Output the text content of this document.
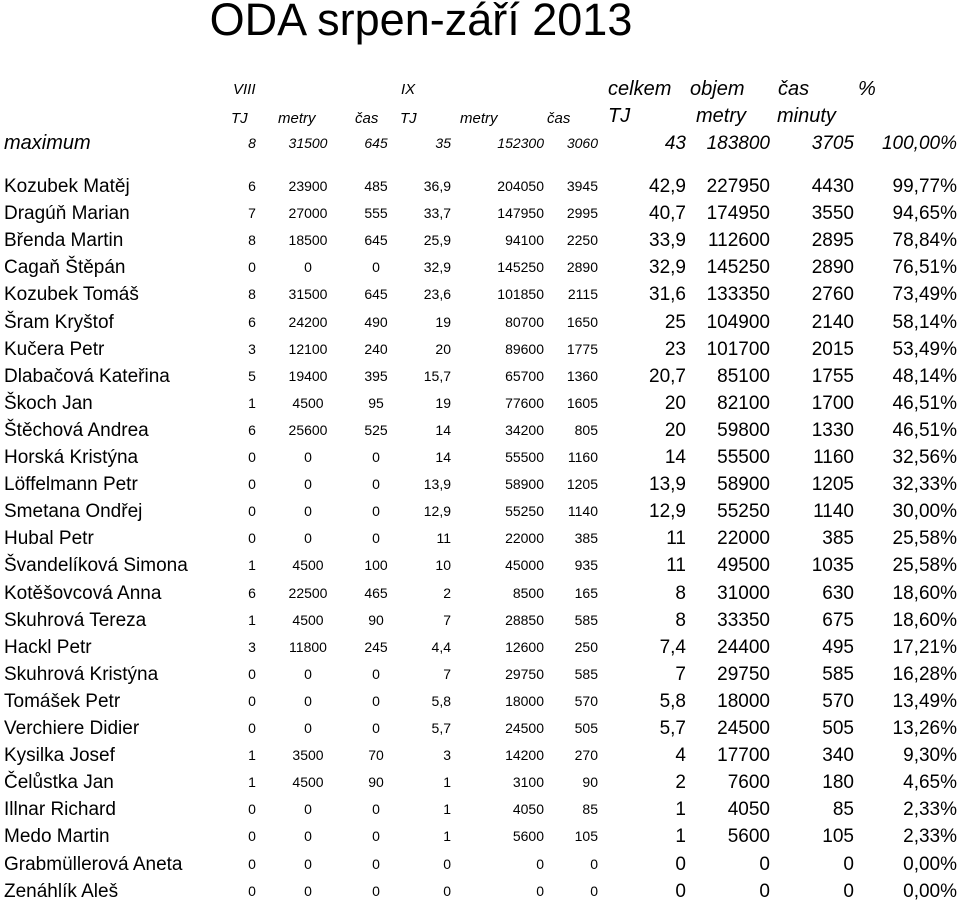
ODA srpen-září 2013
VIII	IX	celkem objem čas %
TJ metry	čas TJ	metry	čas TJ	metry minuty
maximum	8	31500	645	35	152300 3060	43 183800 3705 100,00%
Kozubek Matěj	6	23900	485	36,9	204050 3945	42,9 227950 4430 99,77%
Dragúň Marian	7	27000	555	33,7	147950 2995	40,7 174950 3550 94,65%
Břenda Martin	8	18500	645	25,9	94100 2250	33,9 112600 2895 78,84%
Cagaň Štěpán	0	0	0	32,9	145250 2890	32,9 145250 2890 76,51%
Kozubek Tomáš	8	31500	645	23,6	101850 2115	31,6 133350 2760 73,49%
Šram Kryštof	6	24200	490	19	80700 1650	25 104900 2140 58,14%
Kučera Petr	3	12100	240	20	89600 1775	23 101700 2015 53,49%
Dlabačová Kateřina	5	19400	395	15,7	65700 1360	20,7 85100 1755 48,14%
Škoch Jan	1	4500	95	19	77600 1605	20 82100 1700 46,51%
Štěchová Andrea	6	25600	525	14	34200 805	20 59800 1330 46,51%
Horská Kristýna	0	0	0	14	55500 1160	14 55500 1160 32,56%
Löffelmann Petr	0	0	0	13,9	58900 1205	13,9 58900 1205 32,33%
Smetana Ondřej	0	0	0	12,9	55250 1140	12,9 55250 1140 30,00%
Hubal Petr	0	0	0	11	22000 385	11 22000	385 25,58%
Švandelíková Simona	1	4500	100	10	45000 935	11 49500 1035 25,58%
Kotěšovcová Anna	6	22500	465	2	8500 165	8 31000	630 18,60%
Skuhrová Tereza	1	4500	90	7	28850 585	8 33350	675 18,60%
Hackl Petr	3	11800	245	4,4	12600 250	7,4 24400	495 17,21%
Skuhrová Kristýna	0	0	0	7	29750 585	7 29750	585 16,28%
Tomášek Petr	0	0	0	5,8	18000 570	5,8 18000	570 13,49%
Verchiere Didier	0	0	0	5,7	24500 505	5,7 24500	505 13,26%
Kysilka Josef	1	3500	70	3	14200 270	4 17700	340	9,30%
Čelůstka Jan	1	4500	90	1	3100	90	2 7600	180	4,65%
Illnar Richard	0	0	0	1	4050	85	1 4050	85	2,33%
Medo Martin	0	0	0	1	5600 105	1 5600	105	2,33%
Grabmüllerová Aneta	0	0	0	0	0	0	0	0	0	0,00%
Zenáhlík Aleš	0	0	0	0	0	0	0	0	0	0,00%
